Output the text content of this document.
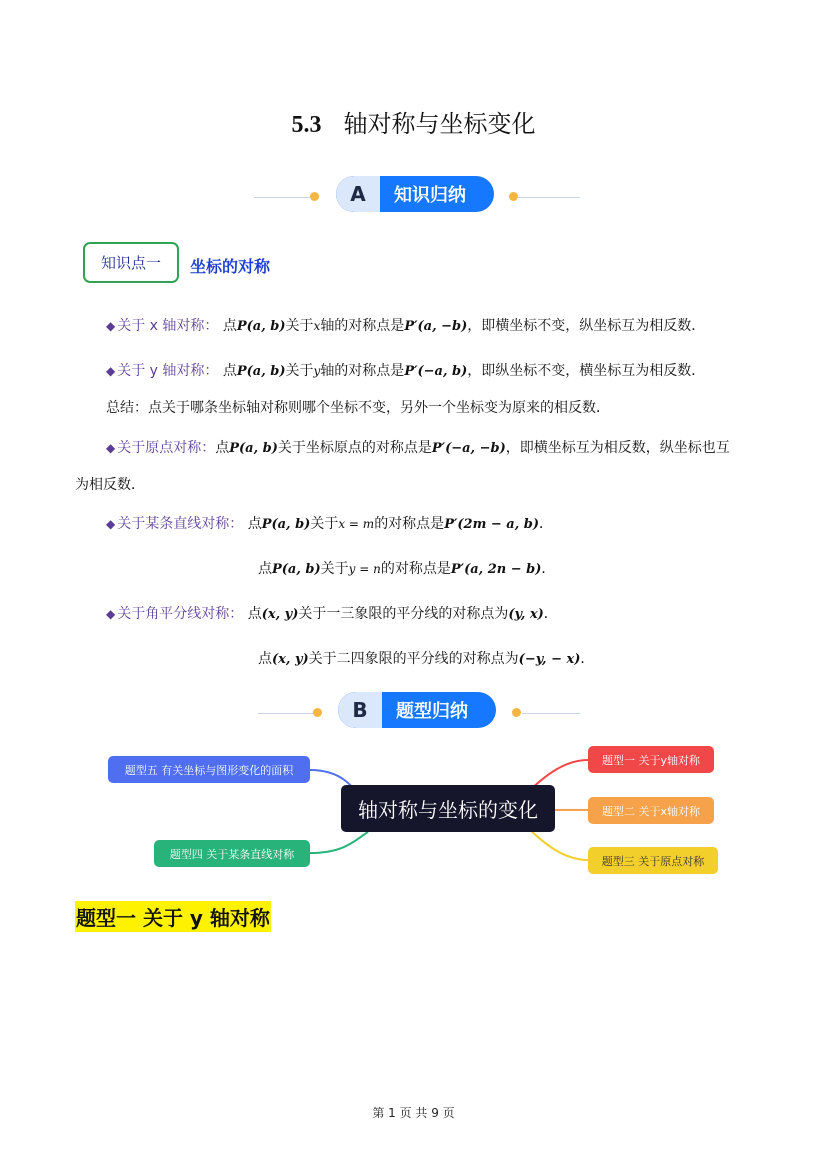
5.3 轴对称与坐标变化
A	知识归纳
知识点一 坐标的对称
◆ 关于 x 轴对称： 点P(a, b)关于x轴的对称点是P′(a, −b)，即横坐标不变，纵坐标互为相反数．
◆ 关于 y 轴对称： 点P(a, b)关于y轴的对称点是P′(−a, b)，即纵坐标不变，横坐标互为相反数．
总结：点关于哪条坐标轴对称则哪个坐标不变，另外一个坐标变为原来的相反数．
◆ 关于原点对称：点P(a, b)关于坐标原点的对称点是P′(−a, −b)，即横坐标互为相反数，纵坐标也互
为相反数．
◆ 关于某条直线对称： 点P(a, b)关于x = m的对称点是P′(2m − a, b)．
点P(a, b)关于y = n的对称点是P′(a, 2n − b)．
◆ 关于角平分线对称： 点(x, y)关于一三象限的平分线的对称点为(y, x)．
点(x, y)关于二四象限的平分线的对称点为(−y, − x)．
B	题型归纳
轴对称与坐标的变化
题型五 有关坐标与图形变化的面积
题型四 关于某条直线对称
题型一 关于y轴对称
题型二 关于x轴对称
题型三 关于原点对称
题型一 关于 y 轴对称
第 1 页 共 9 页
